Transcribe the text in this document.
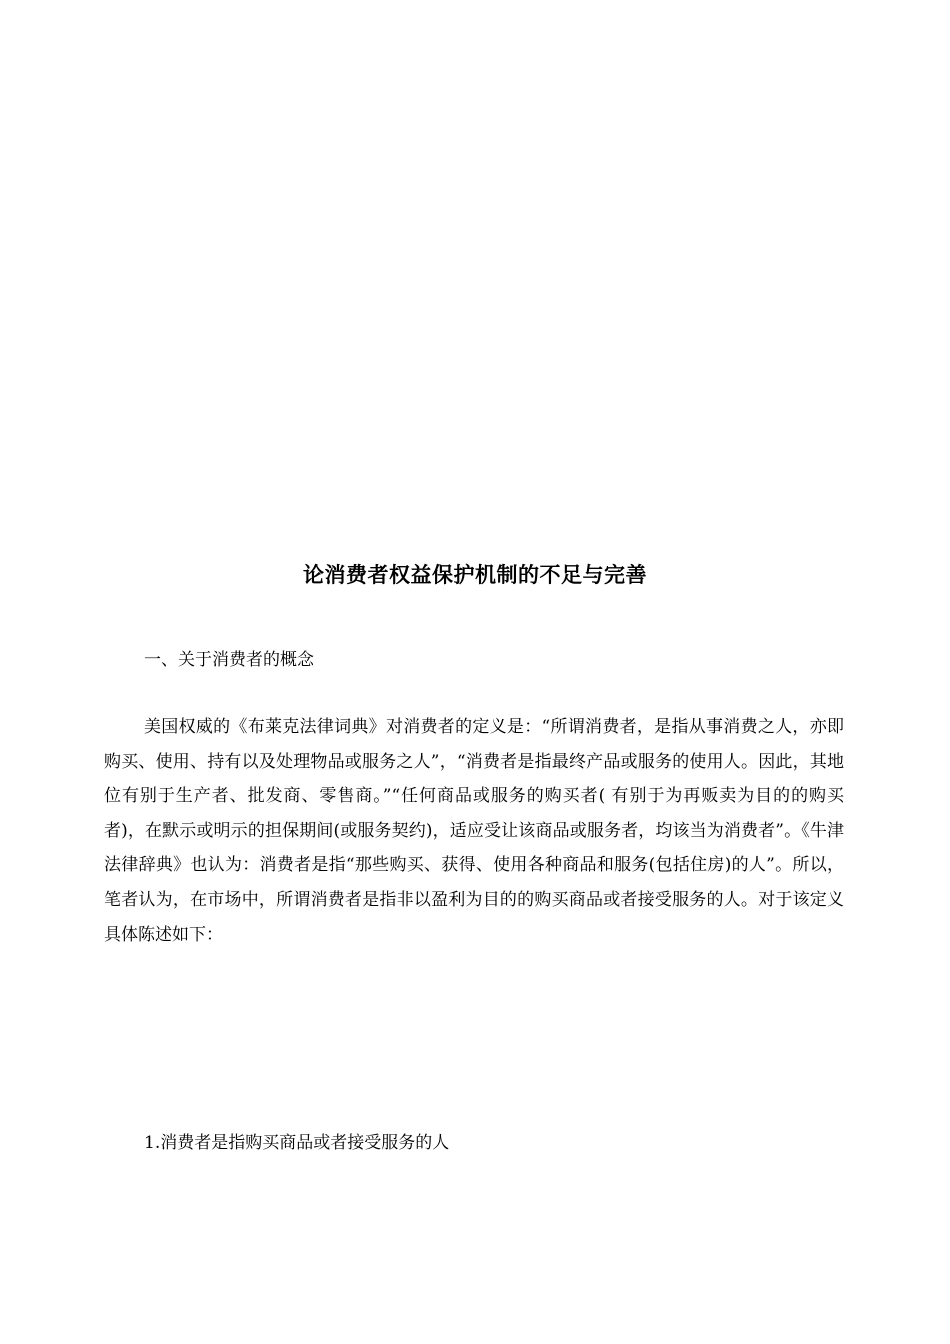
论消费者权益保护机制的不足与完善
一、关于消费者的概念

美国权威的《布莱克法律词典》对消费者的定义是：“所谓消费者，是指从事消费之人，亦即购买、使用、持有以及处理物品或服务之人”，“消费者是指最终产品或服务的使用人。因此，其地位有别于生产者、批发商、零售商。”“任何商品或服务的购买者( 有别于为再贩卖为目的的购买者)，在默示或明示的担保期间(或服务契约)，适应受让该商品或服务者，均该当为消费者”。《牛津法律辞典》也认为：消费者是指“那些购买、获得、使用各种商品和服务(包括住房)的人”。所以，笔者认为，在市场中，所谓消费者是指非以盈利为目的的购买商品或者接受服务的人。对于该定义具体陈述如下：

1.消费者是指购买商品或者接受服务的人
